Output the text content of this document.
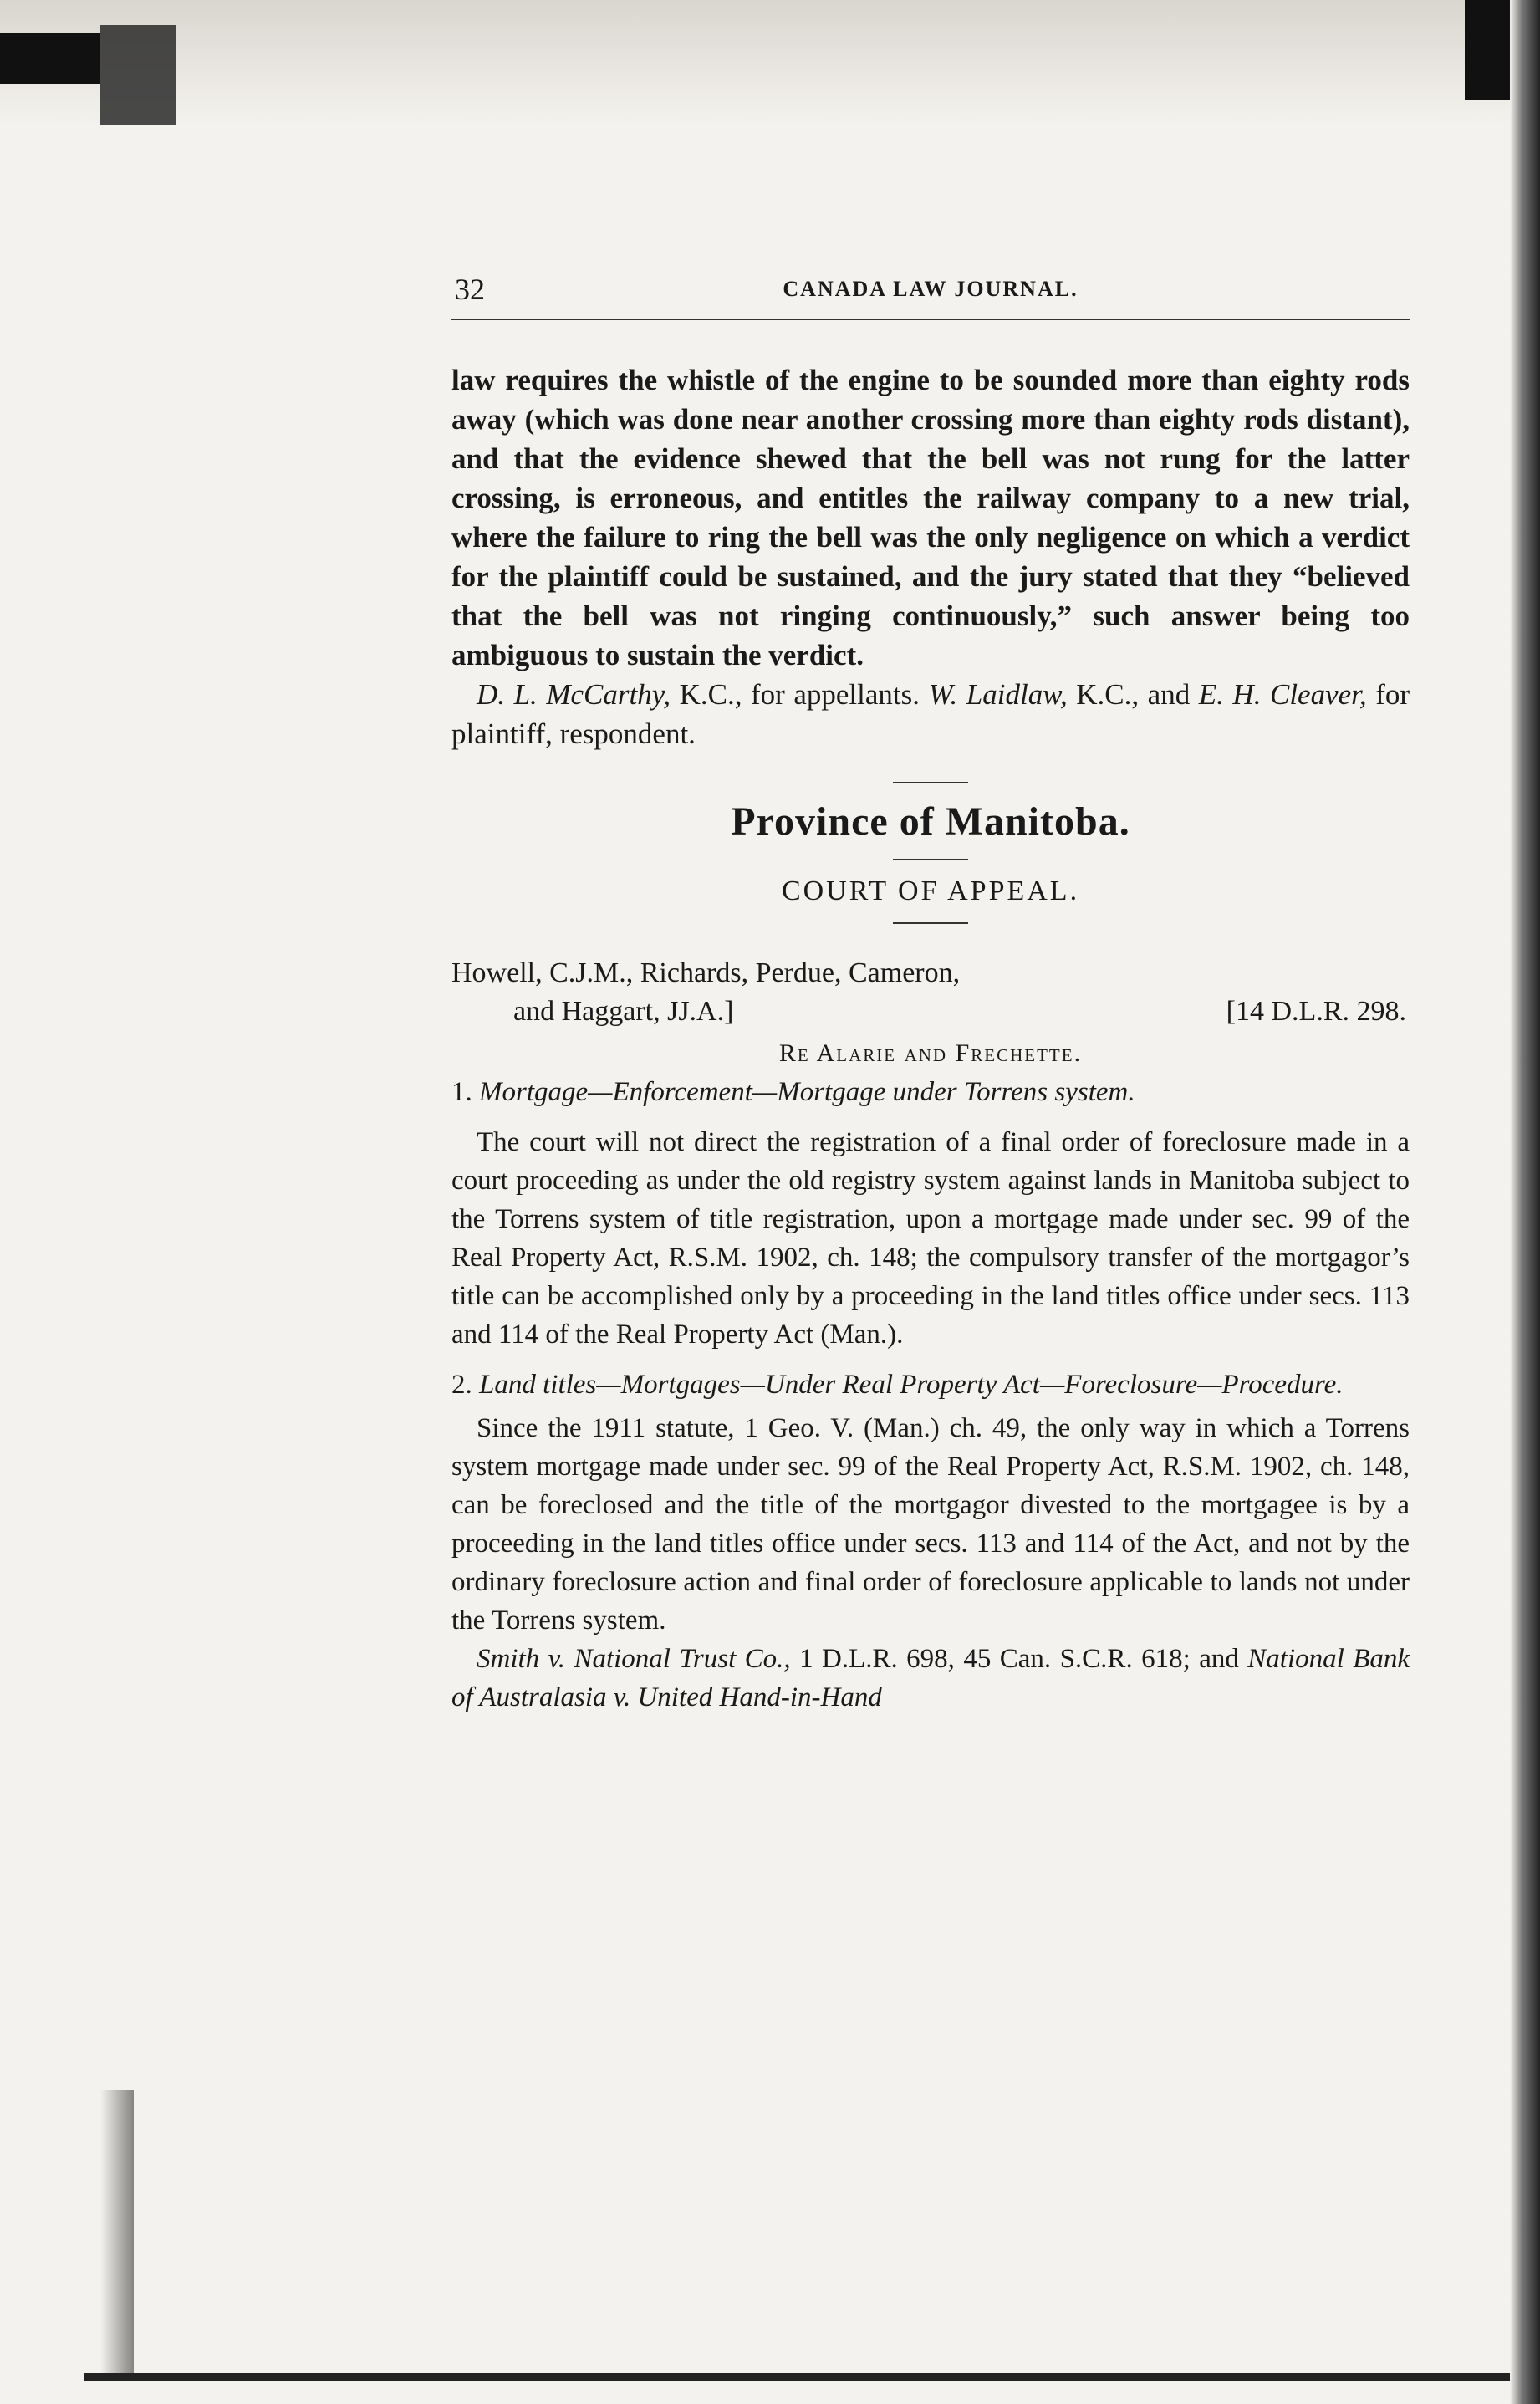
32	CANADA LAW JOURNAL.

law requires the whistle of the engine to be sounded more than eighty rods away (which was done near another crossing more than eighty rods distant), and that the evidence shewed that the bell was not rung for the latter crossing, is erroneous, and entitles the railway company to a new trial, where the failure to ring the bell was the only negligence on which a verdict for the plaintiff could be sustained, and the jury stated that they “believed that the bell was not ringing continuously,” such answer being too ambiguous to sustain the verdict.

D. L. McCarthy, K.C., for appellants. W. Laidlaw, K.C., and E. H. Cleaver, for plaintiff, respondent.

Province of Manitoba.
COURT OF APPEAL.
Howell, C.J.M., Richards, Perdue, Cameron,
and Haggart, JJ.A.]	[14 D.L.R. 298.
Re Alarie and Frechette.

1. Mortgage—Enforcement—Mortgage under Torrens system.

The court will not direct the registration of a final order of foreclosure made in a court proceeding as under the old registry system against lands in Manitoba subject to the Torrens system of title registration, upon a mortgage made under sec. 99 of the Real Property Act, R.S.M. 1902, ch. 148; the compulsory transfer of the mortgagor’s title can be accomplished only by a proceeding in the land titles office under secs. 113 and 114 of the Real Property Act (Man.).

2. Land titles—Mortgages—Under Real Property Act—Foreclosure—Procedure.

Since the 1911 statute, 1 Geo. V. (Man.) ch. 49, the only way in which a Torrens system mortgage made under sec. 99 of the Real Property Act, R.S.M. 1902, ch. 148, can be foreclosed and the title of the mortgagor divested to the mortgagee is by a proceeding in the land titles office under secs. 113 and 114 of the Act, and not by the ordinary foreclosure action and final order of foreclosure applicable to lands not under the Torrens system.

Smith v. National Trust Co., 1 D.L.R. 698, 45 Can. S.C.R. 618; and National Bank of Australasia v. United Hand-in-Hand
